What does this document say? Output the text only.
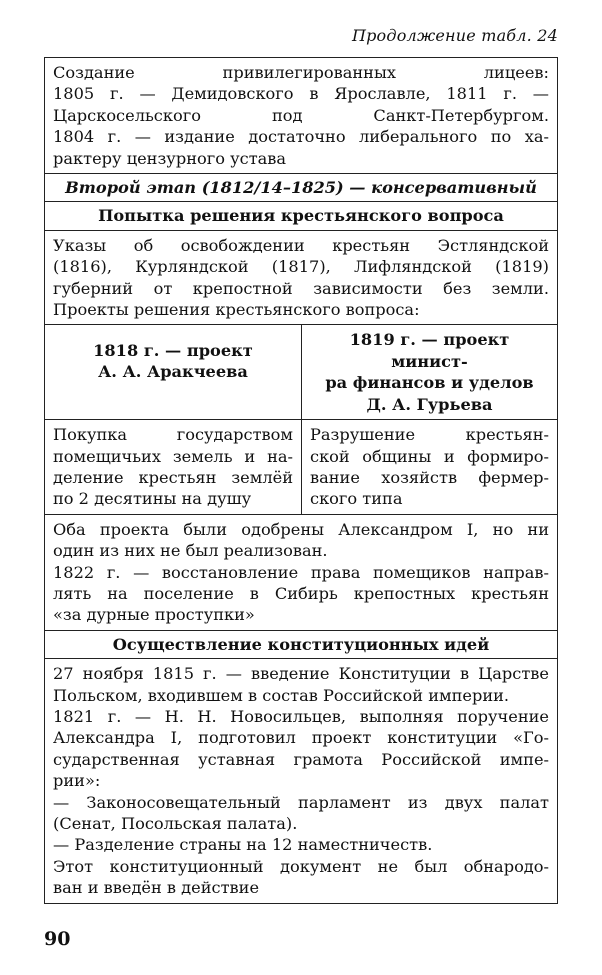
Продолжение табл. 24
Создание привилегированных лицеев:
1805 г. — Демидовского в Ярославле, 1811 г. —
Царскосельского под Санкт-Петербургом.
1804 г. — издание достаточно либерального по ха-
рактеру цензурного устава
Второй этап (1812/14–1825) — консервативный
Попытка решения крестьянского вопроса
Указы об освобождении крестьян Эстляндской
(1816), Курляндской (1817), Лифляндской (1819)
губерний от крепостной зависимости без земли.
Проекты решения крестьянского вопроса:
1818 г. — проект
А. А. Аракчеева
1819 г. — проект минист-
ра финансов и уделов
Д. А. Гурьева
Покупка государством
помещичьих земель и на-
деление крестьян землёй
по 2 десятины на душу
Разрушение крестьян-
ской общины и формиро-
вание хозяйств фермер-
ского типа
Оба проекта были одобрены Александром I, но ни
один из них не был реализован.
1822 г. — восстановление права помещиков направ-
лять на поселение в Сибирь крепостных крестьян
«за дурные проступки»
Осуществление конституционных идей
27 ноября 1815 г. — введение Конституции в Царстве
Польском, входившем в состав Российской империи.
1821 г. — Н. Н. Новосильцев, выполняя поручение
Александра I, подготовил проект конституции «Го-
сударственная уставная грамота Российской импе-
рии»:
— Законосовещательный парламент из двух палат
(Сенат, Посольская палата).
— Разделение страны на 12 наместничеств.
Этот конституционный документ не был обнародо-
ван и введён в действие
90
